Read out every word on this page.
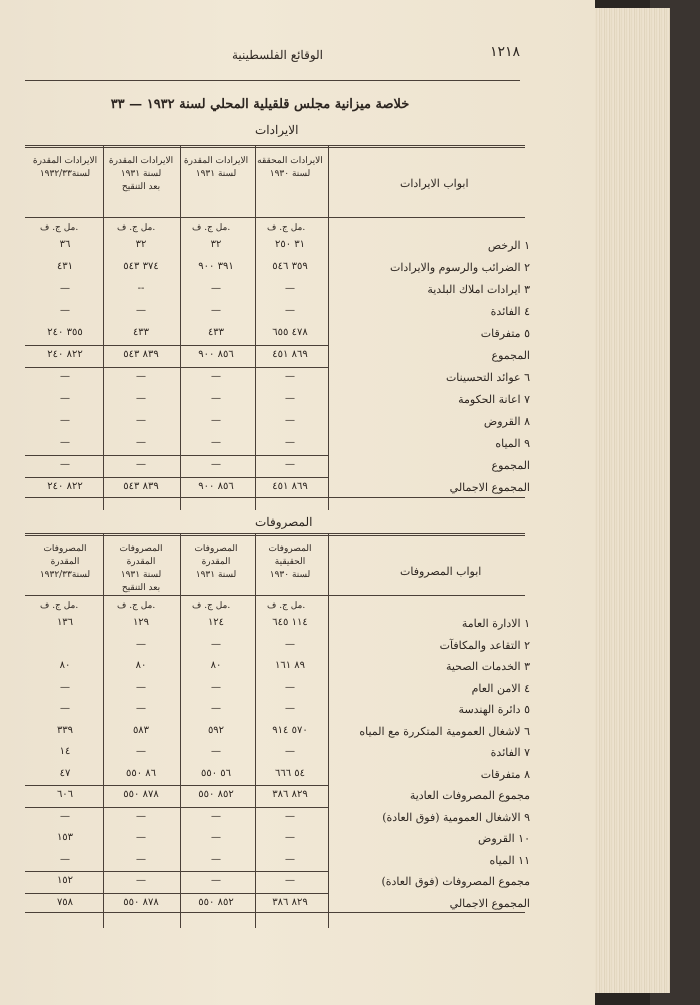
١٢١٨
الوقائع الفلسطينية
خلاصة ميزانية مجلس قلقيلية المحلي لسنة ١٩٣٢ — ٣٣
الايرادات
الايرادات المحققه
لسنة ١٩٣٠
مل ج. ف.
الايرادات المقدرة
لسنة ١٩٣١
مل ج. ف.
الايرادات المقدرة
لسنة ١٩٣١
بعد التنقيح
مل ج. ف.
الايرادات المقدرة
لسنة١٩٣٢/٣٣
مل ج. ف.
ابواب الايرادات
١ الرخص
٣١ ٢٥٠
٣٢
٣٢
٣٦
٢ الضرائب والرسوم والايرادات
٣٥٩ ٥٤٦
٣٩١ ٩٠٠
٣٧٤ ٥٤٣
٤٣١
٣ ايرادات املاك البلدية
—
—
--
—
٤ الفائدة
—
—
—
—
٥ متفرقات
٤٧٨ ٦٥٥
٤٣٣
٤٣٣
٣٥٥ ٢٤٠
المجموع
٨٦٩ ٤٥١
٨٥٦ ٩٠٠
٨٣٩ ٥٤٣
٨٢٢ ٢٤٠
٦ عوائد التحسينات
—
—
—
—
٧ اعانة الحكومة
—
—
—
—
٨ القروض
—
—
—
—
٩ المياه
—
—
—
—
المجموع
—
—
—
—
المجموع الاجمالي
٨٦٩ ٤٥١
٨٥٦ ٩٠٠
٨٣٩ ٥٤٣
٨٢٢ ٢٤٠
المصروفات
المصروفات الحقيقية
لسنة ١٩٣٠
مل ج. ف.
المصروفات المقدرة
لسنة ١٩٣١
مل ج. ف.
المصروفات المقدرة
لسنة ١٩٣١
بعد التنقيح
مل ج. ف.
المصروفات المقدرة
لسنة١٩٣٢/٣٣
مل ج. ف.
ابواب المصروفات
١ الادارة العامة
١١٤ ٦٤٥
١٢٤
١٢٩
١٣٦
٢ التقاعد والمكافآت
—
—
—
٣ الخدمات الصحية
٨٩ ١٦١
٨٠
٨٠
٨٠
٤ الامن العام
—
—
—
—
٥ دائرة الهندسة
—
—
—
—
٦ لاشغال العمومية المتكررة مع المياه
٥٧٠ ٩١٤
٥٩٢
٥٨٣
٣٣٩
٧ الفائدة
—
—
—
١٤
٨ متفرقات
٥٤ ٦٦٦
٥٦ ٥٥٠
٨٦ ٥٥٠
٤٧
مجموع المصروفات العادية
٨٢٩ ٣٨٦
٨٥٢ ٥٥٠
٨٧٨ ٥٥٠
٦٠٦
٩ الاشغال العمومية (فوق العادة)
—
—
—
—
١٠ القروض
—
—
—
١٥٣
١١ المياه
—
—
—
—
مجموع المصروفات (فوق العادة)
—
—
—
١٥٢
المجموع الاجمالي
٨٢٩ ٣٨٦
٨٥٢ ٥٥٠
٨٧٨ ٥٥٠
٧٥٨
